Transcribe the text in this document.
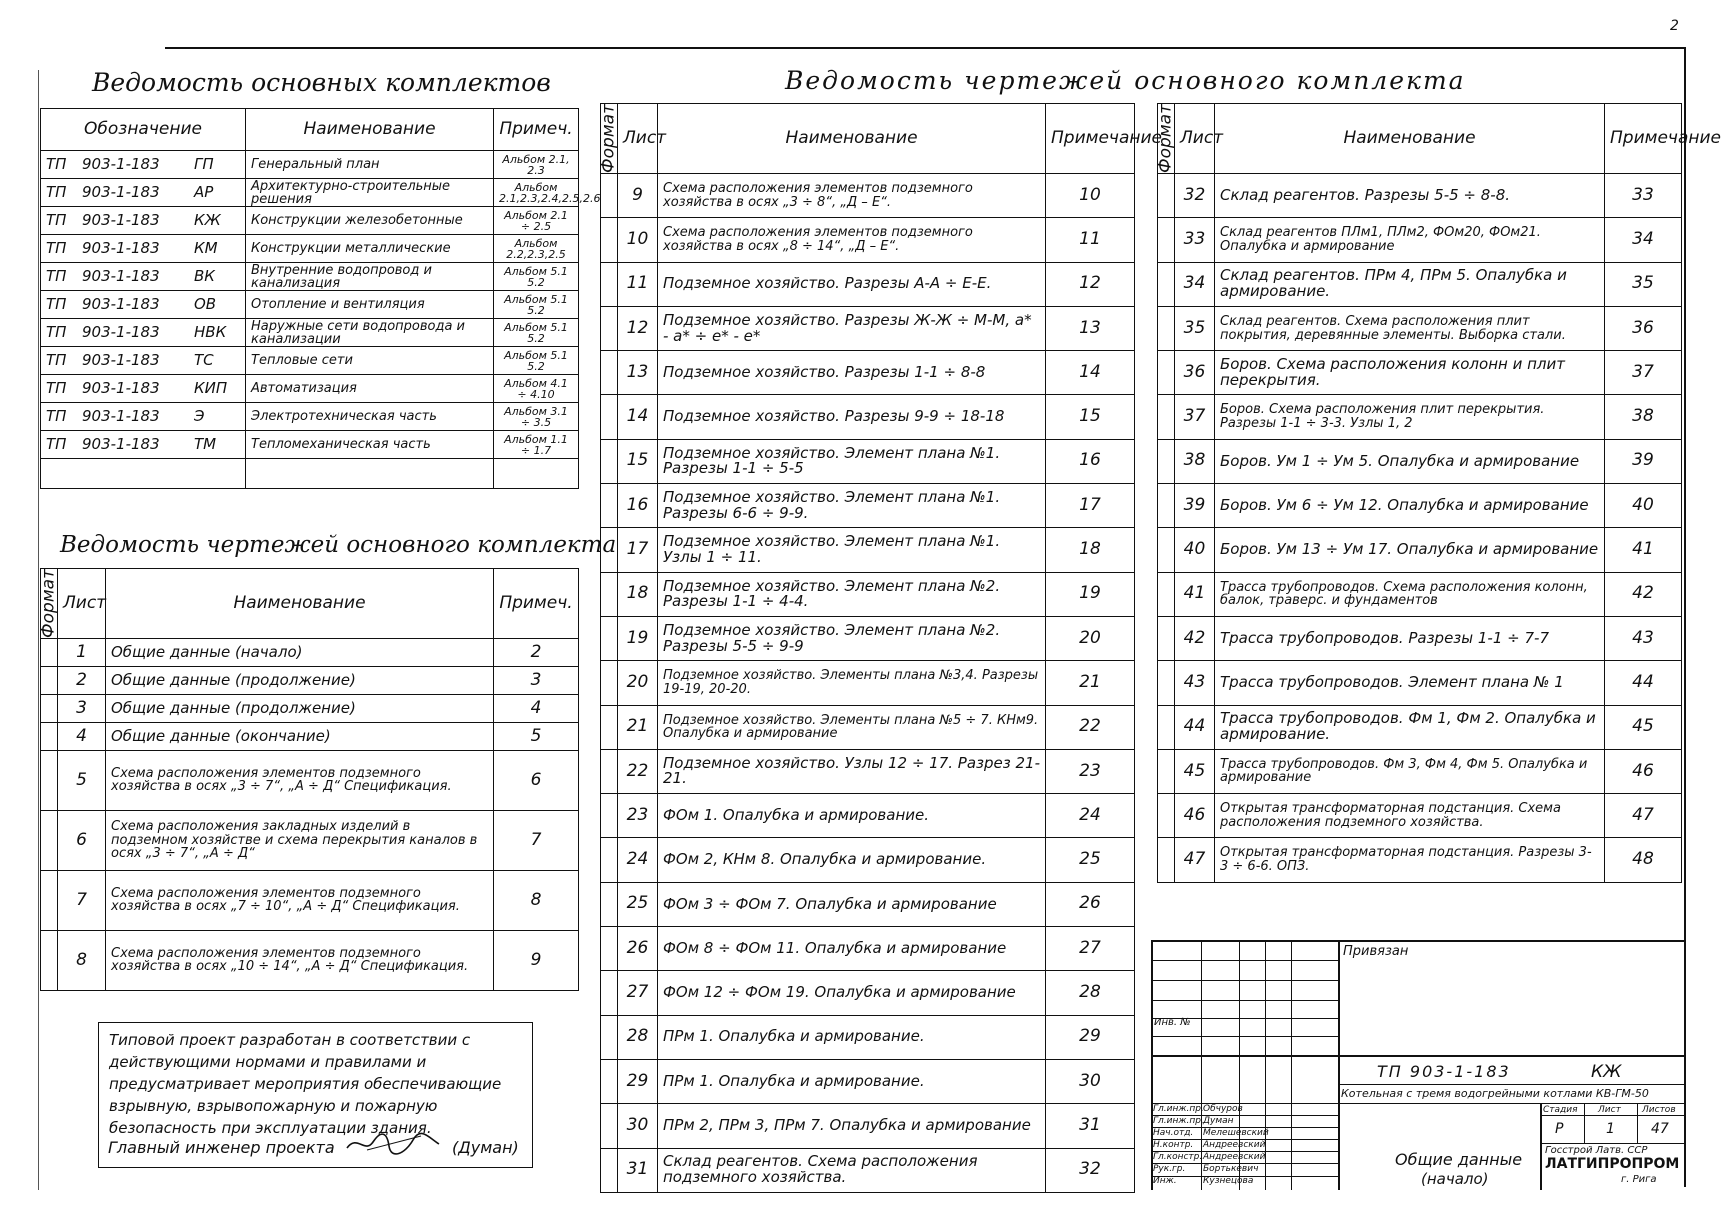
2
Ведомость основных комплектов	Ведомость чертежей основного комплекта
Ведомость чертежей основного комплекта
Обозначение	Наименование	Примеч.
ТП 903-1-183 ГП	Генеральный план	Альбом 2.1, 2.3
ТП 903-1-183 АР	Архитектурно-строительные решения	Альбом 2.1,2.3,2.4,2.5,2.6
ТП 903-1-183 КЖ	Конструкции железобетонные	Альбом 2.1 ÷ 2.5
ТП 903-1-183 КМ	Конструкции металлические	Альбом 2.2,2.3,2.5
ТП 903-1-183 ВК	Внутренние водопровод и канализация	Альбом 5.1 5.2
ТП 903-1-183 ОВ	Отопление и вентиляция	Альбом 5.1 5.2
ТП 903-1-183 НВК	Наружные сети водопровода и канализации	Альбом 5.1 5.2
ТП 903-1-183 ТС	Тепловые сети	Альбом 5.1 5.2
ТП 903-1-183 КИП	Автоматизация	Альбом 4.1 ÷ 4.10
ТП 903-1-183 Э	Электротехническая часть	Альбом 3.1 ÷ 3.5
ТП 903-1-183 ТМ	Тепломеханическая часть	Альбом 1.1 ÷ 1.7

Формат	Лист	Наименование	Примеч.
	1	Общие данные (начало)	2
	2	Общие данные (продолжение)	3
	3	Общие данные (продолжение)	4
	4	Общие данные (окончание)	5
	5	Схема расположения элементов подземного хозяйства в осях „3 ÷ 7“, „А ÷ Д“ Спецификация.	6
	6	Схема расположения закладных изделий в подземном хозяйстве и схема перекрытия каналов в осях „3 ÷ 7“, „А ÷ Д“	7
	7	Схема расположения элементов подземного хозяйства в осях „7 ÷ 10“, „А ÷ Д“ Спецификация.	8
	8	Схема расположения элементов подземного хозяйства в осях „10 ÷ 14“, „А ÷ Д“ Спецификация.	9
Формат	Лист	Наименование	Примечание
	9	Схема расположения элементов подземного хозяйства в осях „3 ÷ 8“, „Д – Е“.	10
	10	Схема расположения элементов подземного хозяйства в осях „8 ÷ 14“, „Д – Е“.	11
	11	Подземное хозяйство. Разрезы А-А ÷ Е-Е.	12
	12	Подземное хозяйство. Разрезы Ж-Ж ÷ М-М, а* - а* ÷ е* - е*	13
	13	Подземное хозяйство. Разрезы 1-1 ÷ 8-8	14
	14	Подземное хозяйство. Разрезы 9-9 ÷ 18-18	15
	15	Подземное хозяйство. Элемент плана №1. Разрезы 1-1 ÷ 5-5	16
	16	Подземное хозяйство. Элемент плана №1. Разрезы 6-6 ÷ 9-9.	17
	17	Подземное хозяйство. Элемент плана №1. Узлы 1 ÷ 11.	18
	18	Подземное хозяйство. Элемент плана №2. Разрезы 1-1 ÷ 4-4.	19
	19	Подземное хозяйство. Элемент плана №2. Разрезы 5-5 ÷ 9-9	20
	20	Подземное хозяйство. Элементы плана №3,4. Разрезы 19-19, 20-20.	21
	21	Подземное хозяйство. Элементы плана №5 ÷ 7. КНм9. Опалубка и армирование	22
	22	Подземное хозяйство. Узлы 12 ÷ 17. Разрез 21-21.	23
	23	ФОм 1. Опалубка и армирование.	24
	24	ФОм 2, КНм 8. Опалубка и армирование.	25
	25	ФОм 3 ÷ ФОм 7. Опалубка и армирование	26
	26	ФОм 8 ÷ ФОм 11. Опалубка и армирование	27
	27	ФОм 12 ÷ ФОм 19. Опалубка и армирование	28
	28	ПРм 1. Опалубка и армирование.	29
	29	ПРм 1. Опалубка и армирование.	30
	30	ПРм 2, ПРм 3, ПРм 7. Опалубка и армирование	31
	31	Склад реагентов. Схема расположения подземного хозяйства.	32
Формат	Лист	Наименование	Примечание
	32	Склад реагентов. Разрезы 5-5 ÷ 8-8.	33
	33	Склад реагентов ПЛм1, ПЛм2, ФОм20, ФОм21. Опалубка и армирование	34
	34	Склад реагентов. ПРм 4, ПРм 5. Опалубка и армирование.	35
	35	Склад реагентов. Схема расположения плит покрытия, деревянные элементы. Выборка стали.	36
	36	Боров. Схема расположения колонн и плит перекрытия.	37
	37	Боров. Схема расположения плит перекрытия. Разрезы 1-1 ÷ 3-3. Узлы 1, 2	38
	38	Боров. Ум 1 ÷ Ум 5. Опалубка и армирование	39
	39	Боров. Ум 6 ÷ Ум 12. Опалубка и армирование	40
	40	Боров. Ум 13 ÷ Ум 17. Опалубка и армирование	41
	41	Трасса трубопроводов. Схема расположения колонн, балок, траверс. и фундаментов	42
	42	Трасса трубопроводов. Разрезы 1-1 ÷ 7-7	43
	43	Трасса трубопроводов. Элемент плана № 1	44
	44	Трасса трубопроводов. Фм 1, Фм 2. Опалубка и армирование.	45
	45	Трасса трубопроводов. Фм 3, Фм 4, Фм 5. Опалубка и армирование	46
	46	Открытая трансформаторная подстанция. Схема расположения подземного хозяйства.	47
	47	Открытая трансформаторная подстанция. Разрезы 3-3 ÷ 6-6. ОПЗ.	48
Типовой проект разработан в соответствии с действующими нормами и правилами и предусматривает мероприятия обеспечивающие взрывную, взрывопожарную и пожарную безопасность при эксплуатации здания.
Главный инженер проекта	(Думан)
Привязан
Инв. №
ТП 903-1-183	КЖ
Котельная с тремя водогрейными котлами КВ-ГМ-50
Общие данные
(начало)
Стадия Лист Листов
Р	1	47
Госстрой Латв. ССР
ЛАТГИПРОПРОМ
г. Рига
Гл.инж.пр. Обчуров
Гл.инж.пр. Думан
Нач.отд. Мелешевский
Н.контр. Андреевский
Гл.констр. Андреевский
Рук.гр. Бортькевич
Инж.	Кузнецова
